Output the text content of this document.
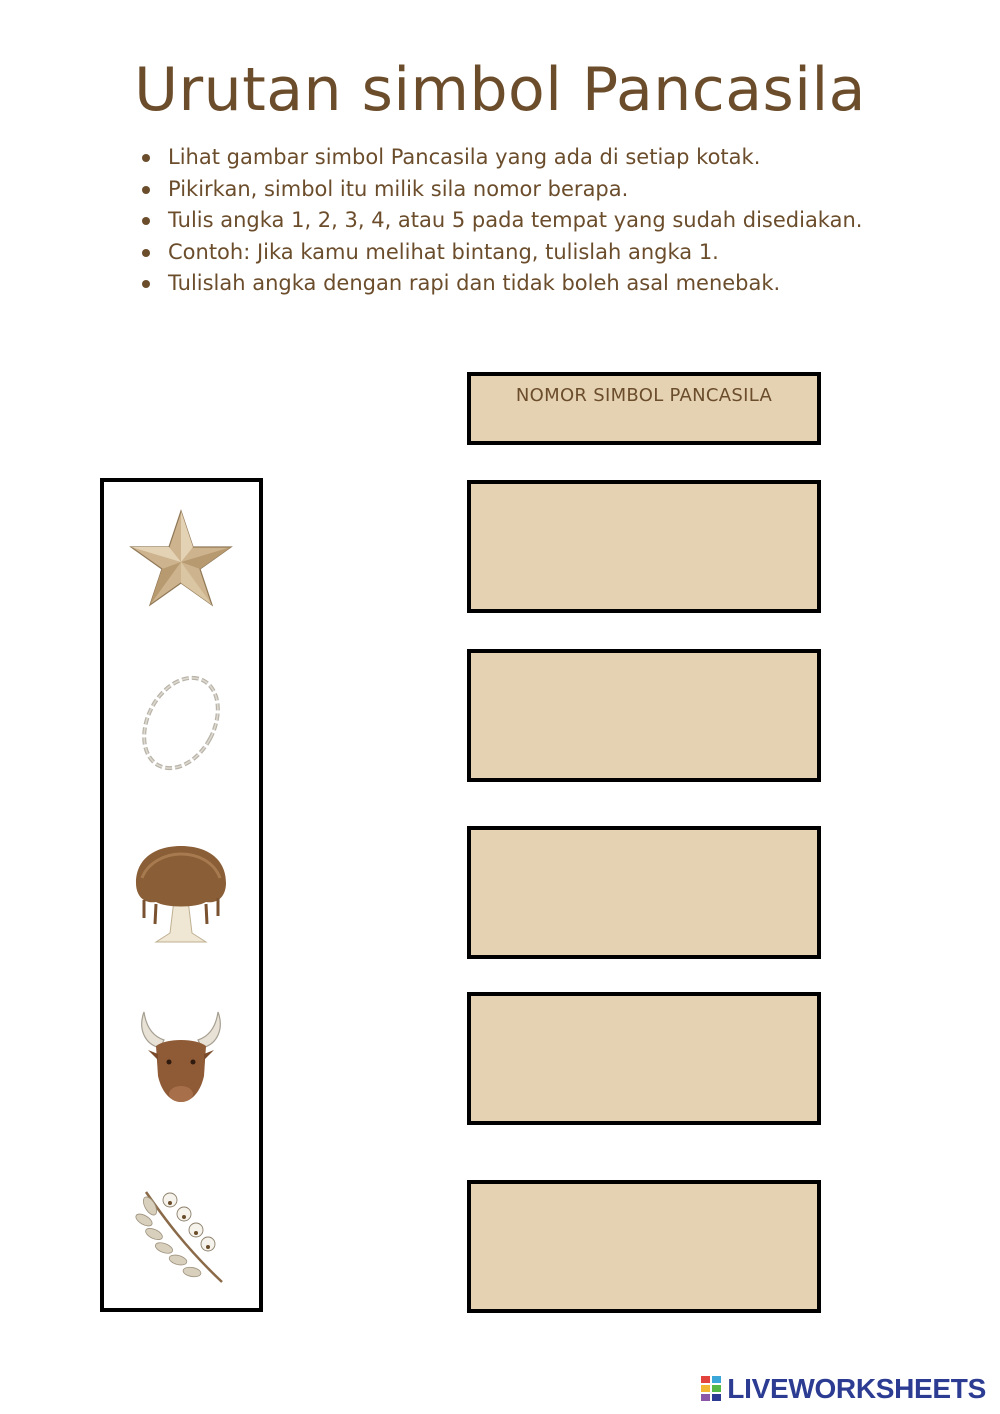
Urutan simbol Pancasila
Lihat gambar simbol Pancasila yang ada di setiap kotak.
Pikirkan, simbol itu milik sila nomor berapa.
Tulis angka 1, 2, 3, 4, atau 5 pada tempat yang sudah disediakan.
Contoh: Jika kamu melihat bintang, tulislah angka 1.
Tulislah angka dengan rapi dan tidak boleh asal menebak.
NOMOR SIMBOL PANCASILA
LIVEWORKSHEETS
